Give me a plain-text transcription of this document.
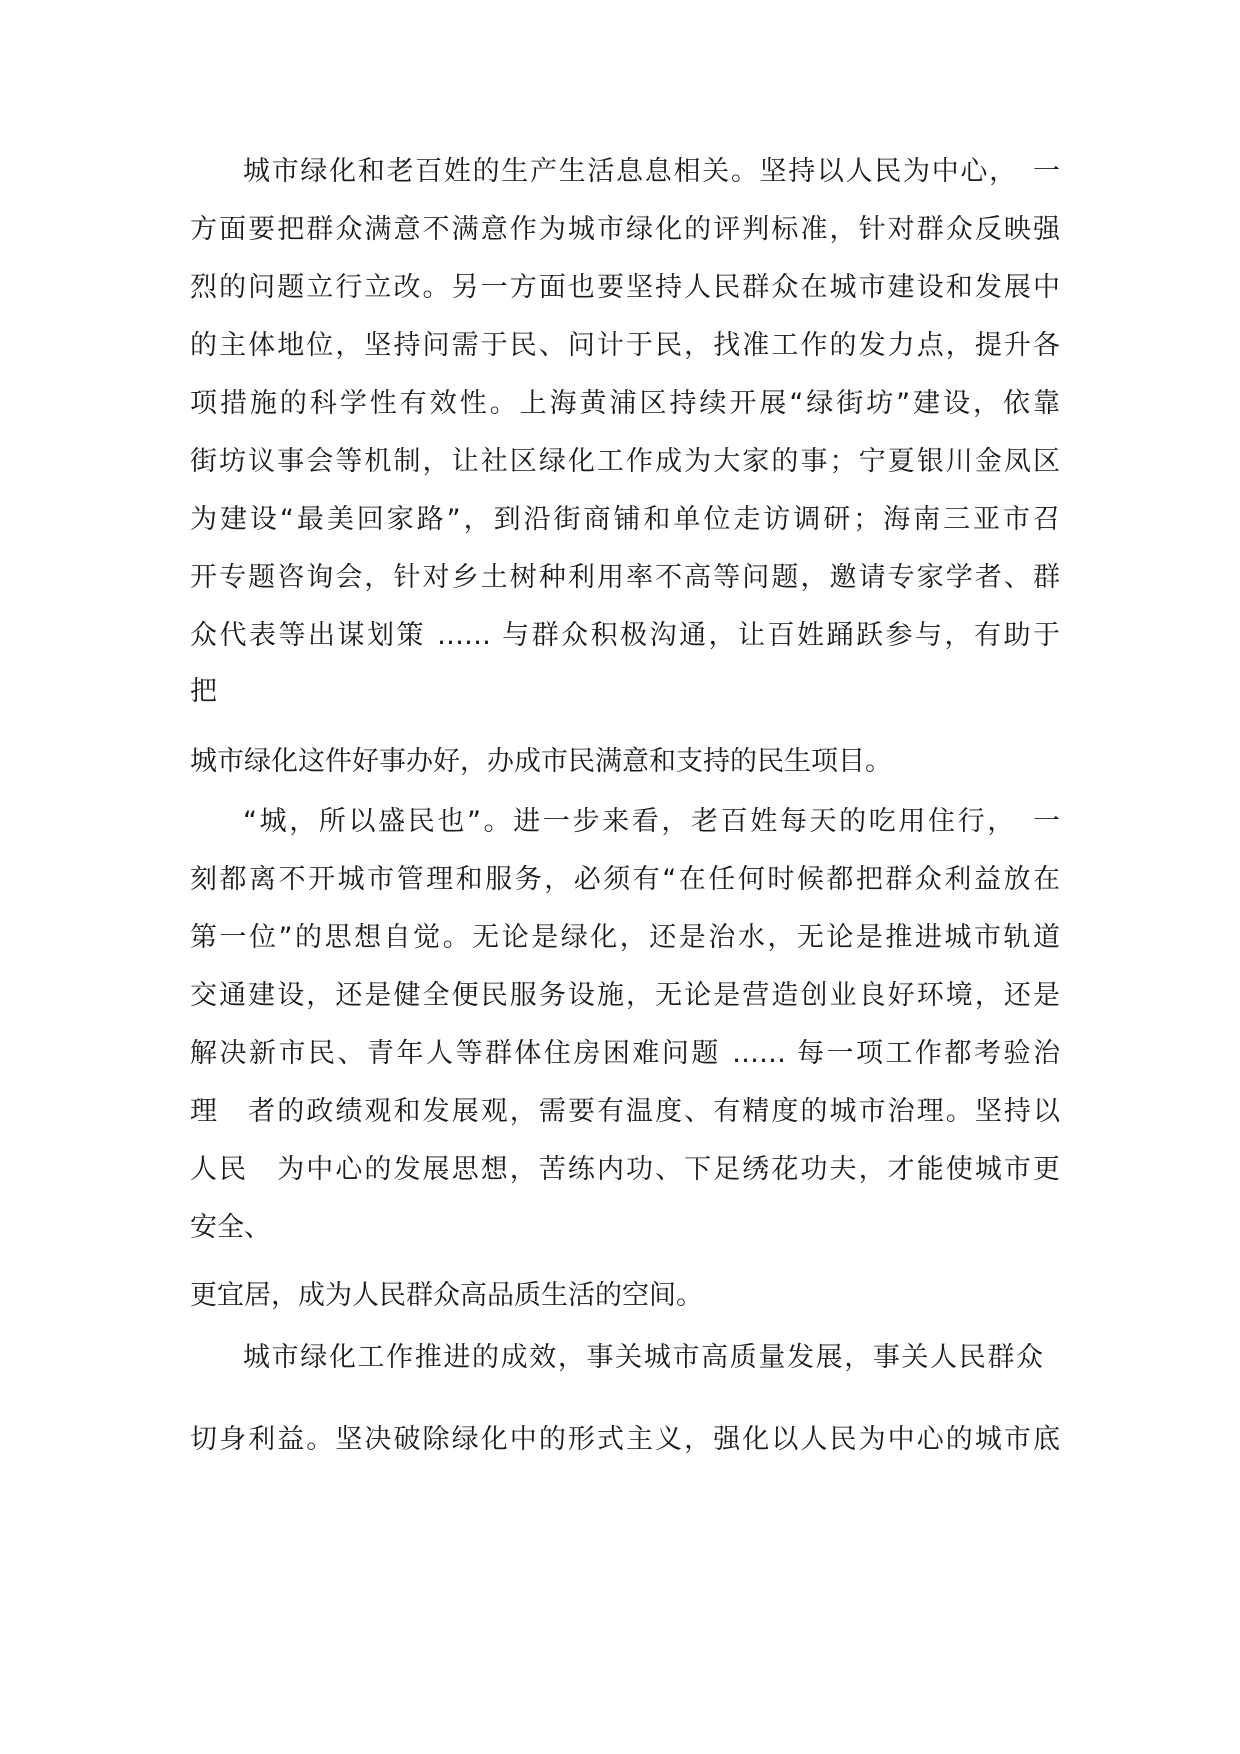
城市绿化和老百姓的生产生活息息相关。坚持以人民为中心，　一
方面要把群众满意不满意作为城市绿化的评判标准，针对群众反映强
烈的问题立行立改。另一方面也要坚持人民群众在城市建设和发展中
的主体地位，坚持问需于民、问计于民，找准工作的发力点，提升各
项措施的科学性有效性。上海黄浦区持续开展“绿街坊”建设，依靠
街坊议事会等机制，让社区绿化工作成为大家的事；宁夏银川金凤区
为建设“最美回家路”，到沿街商铺和单位走访调研；海南三亚市召
开专题咨询会，针对乡土树种利用率不高等问题，邀请专家学者、群
众代表等出谋划策 …… 与群众积极沟通，让百姓踊跃参与，有助于
把
城市绿化这件好事办好，办成市民满意和支持的民生项目。
“城，所以盛民也”。进一步来看，老百姓每天的吃用住行，　一
刻都离不开城市管理和服务，必须有“在任何时候都把群众利益放在
第一位”的思想自觉。无论是绿化，还是治水，无论是推进城市轨道
交通建设，还是健全便民服务设施，无论是营造创业良好环境，还是
解决新市民、青年人等群体住房困难问题 …… 每一项工作都考验治
理　者的政绩观和发展观，需要有温度、有精度的城市治理。坚持以
人民　为中心的发展思想，苦练内功、下足绣花功夫，才能使城市更
安全、
更宜居，成为人民群众高品质生活的空间。
城市绿化工作推进的成效，事关城市高质量发展，事关人民群众
切身利益。坚决破除绿化中的形式主义，强化以人民为中心的城市底
